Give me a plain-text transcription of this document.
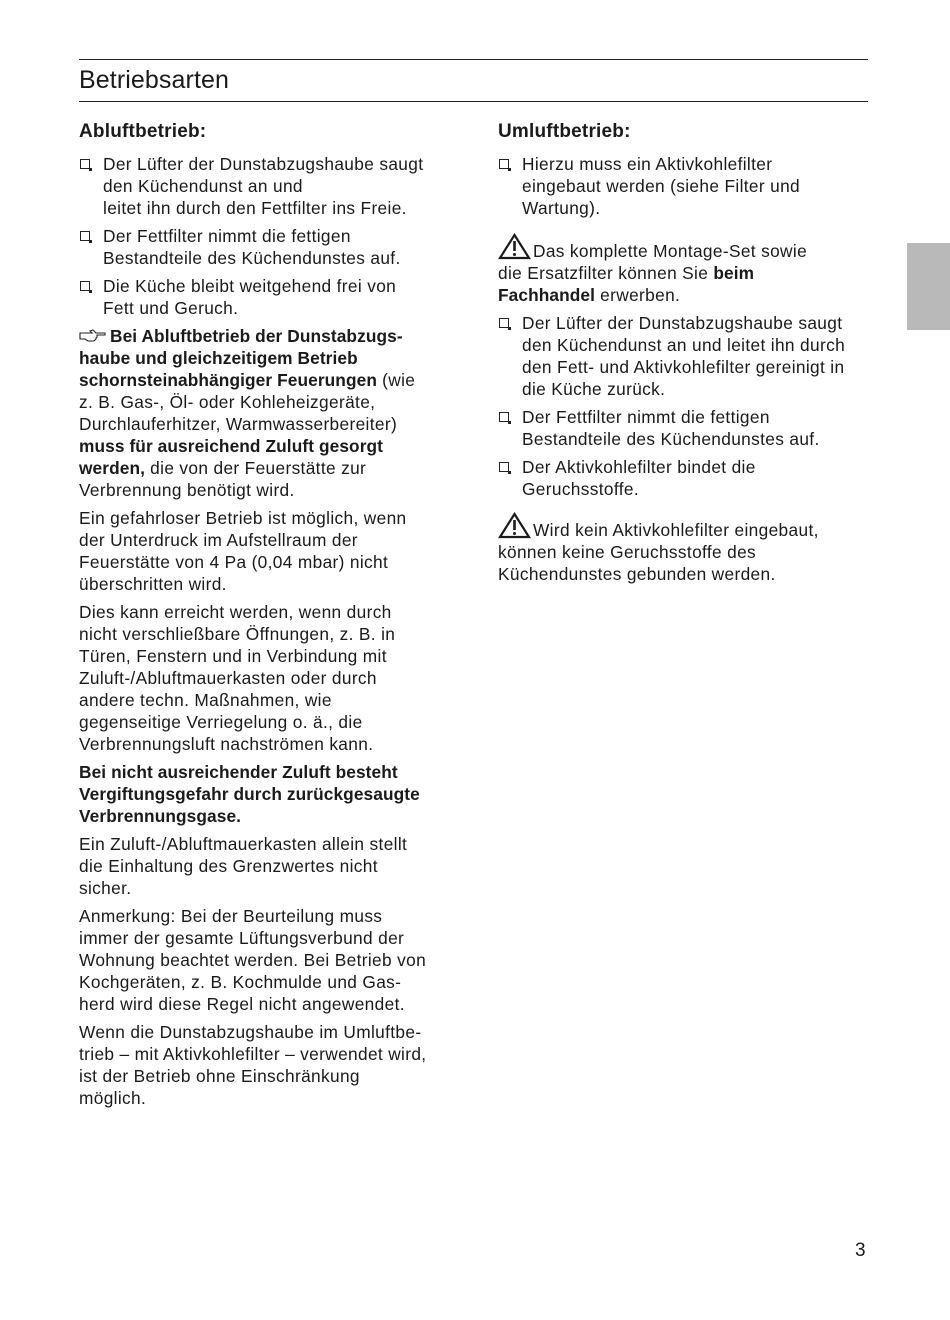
Betriebsarten
Abluftbetrieb:
Der Lüfter der Dunstabzugshaube saugt
den Küchendunst an und
leitet ihn durch den Fettfilter ins Freie.
Der Fettfilter nimmt die fettigen
Bestandteile des Küchendunstes auf.
Die Küche bleibt weitgehend frei von
Fett und Geruch.

Bei Abluftbetrieb der Dunstabzugs-
haube und gleichzeitigem Betrieb
schornsteinabhängiger Feuerungen (wie
z. B. Gas-, Öl- oder Kohleheizgeräte,
Durchlauferhitzer, Warmwasserbereiter)
muss für ausreichend Zuluft gesorgt
werden, die von der Feuerstätte zur
Verbrennung benötigt wird.

Ein gefahrloser Betrieb ist möglich, wenn
der Unterdruck im Aufstellraum der
Feuerstätte von 4 Pa (0,04 mbar) nicht
überschritten wird.

Dies kann erreicht werden, wenn durch
nicht verschließbare Öffnungen, z. B. in
Türen, Fenstern und in Verbindung mit
Zuluft-/Abluftmauerkasten oder durch
andere techn. Maßnahmen, wie
gegenseitige Verriegelung o. ä., die
Verbrennungsluft nachströmen kann.

Bei nicht ausreichender Zuluft besteht
Vergiftungsgefahr durch zurückgesaugte
Verbrennungsgase.

Ein Zuluft-/Abluftmauerkasten allein stellt
die Einhaltung des Grenzwertes nicht
sicher.

Anmerkung: Bei der Beurteilung muss
immer der gesamte Lüftungsverbund der
Wohnung beachtet werden. Bei Betrieb von
Kochgeräten, z. B. Kochmulde und Gas-
herd wird diese Regel nicht angewendet.

Wenn die Dunstabzugshaube im Umluftbe-
trieb – mit Aktivkohlefilter – verwendet wird,
ist der Betrieb ohne Einschränkung
möglich.

Umluftbetrieb:
Hierzu muss ein Aktivkohlefilter
eingebaut werden (siehe Filter und
Wartung).

Das komplette Montage-Set sowie
die Ersatzfilter können Sie beim
Fachhandel erwerben.

Der Lüfter der Dunstabzugshaube saugt
den Küchendunst an und leitet ihn durch
den Fett- und Aktivkohlefilter gereinigt in
die Küche zurück.
Der Fettfilter nimmt die fettigen
Bestandteile des Küchendunstes auf.
Der Aktivkohlefilter bindet die
Geruchsstoffe.

Wird kein Aktivkohlefilter eingebaut,
können keine Geruchsstoffe des
Küchendunstes gebunden werden.

3
